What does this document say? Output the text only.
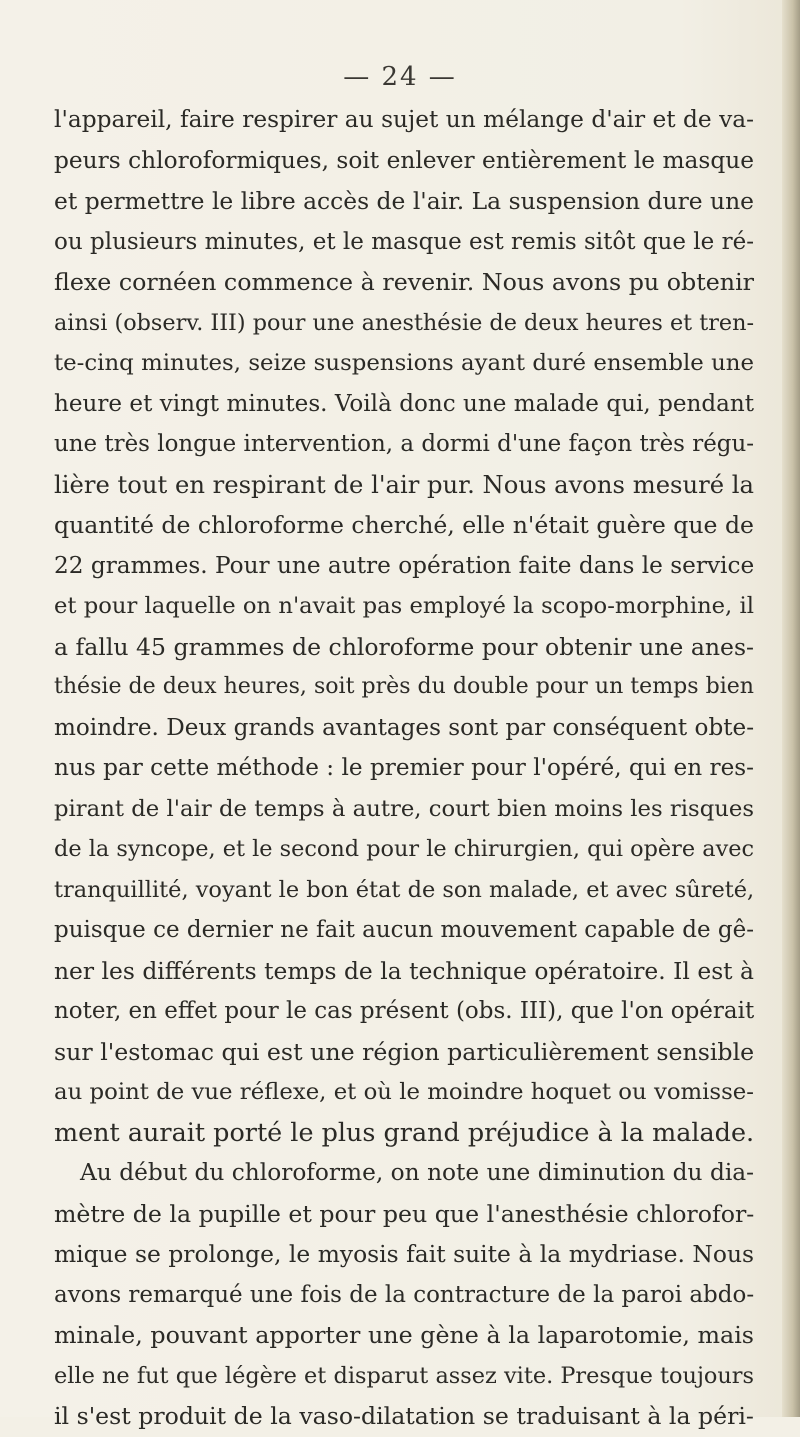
— 24 —
l'appareil, faire respirer au sujet un mélange d'air et de va-
peurs chloroformiques, soit enlever entièrement le masque
et permettre le libre accès de l'air. La suspension dure une
ou plusieurs minutes, et le masque est remis sitôt que le ré-
flexe cornéen commence à revenir. Nous avons pu obtenir
ainsi (observ. III) pour une anesthésie de deux heures et tren-
te-cinq minutes, seize suspensions ayant duré ensemble une
heure et vingt minutes. Voilà donc une malade qui, pendant
une très longue intervention, a dormi d'une façon très régu-
lière tout en respirant de l'air pur. Nous avons mesuré la
quantité de chloroforme cherché, elle n'était guère que de
22 grammes. Pour une autre opération faite dans le service
et pour laquelle on n'avait pas employé la scopo-morphine, il
a fallu 45 grammes de chloroforme pour obtenir une anes-
thésie de deux heures, soit près du double pour un temps bien
moindre. Deux grands avantages sont par conséquent obte-
nus par cette méthode : le premier pour l'opéré, qui en res-
pirant de l'air de temps à autre, court bien moins les risques
de la syncope, et le second pour le chirurgien, qui opère avec
tranquillité, voyant le bon état de son malade, et avec sûreté,
puisque ce dernier ne fait aucun mouvement capable de gê-
ner les différents temps de la technique opératoire. Il est à
noter, en effet pour le cas présent (obs. III), que l'on opérait
sur l'estomac qui est une région particulièrement sensible
au point de vue réflexe, et où le moindre hoquet ou vomisse-
ment aurait porté le plus grand préjudice à la malade.
Au début du chloroforme, on note une diminution du dia-
mètre de la pupille et pour peu que l'anesthésie chlorofor-
mique se prolonge, le myosis fait suite à la mydriase. Nous
avons remarqué une fois de la contracture de la paroi abdo-
minale, pouvant apporter une gène à la laparotomie, mais
elle ne fut que légère et disparut assez vite. Presque toujours
il s'est produit de la vaso-dilatation se traduisant à la péri-
